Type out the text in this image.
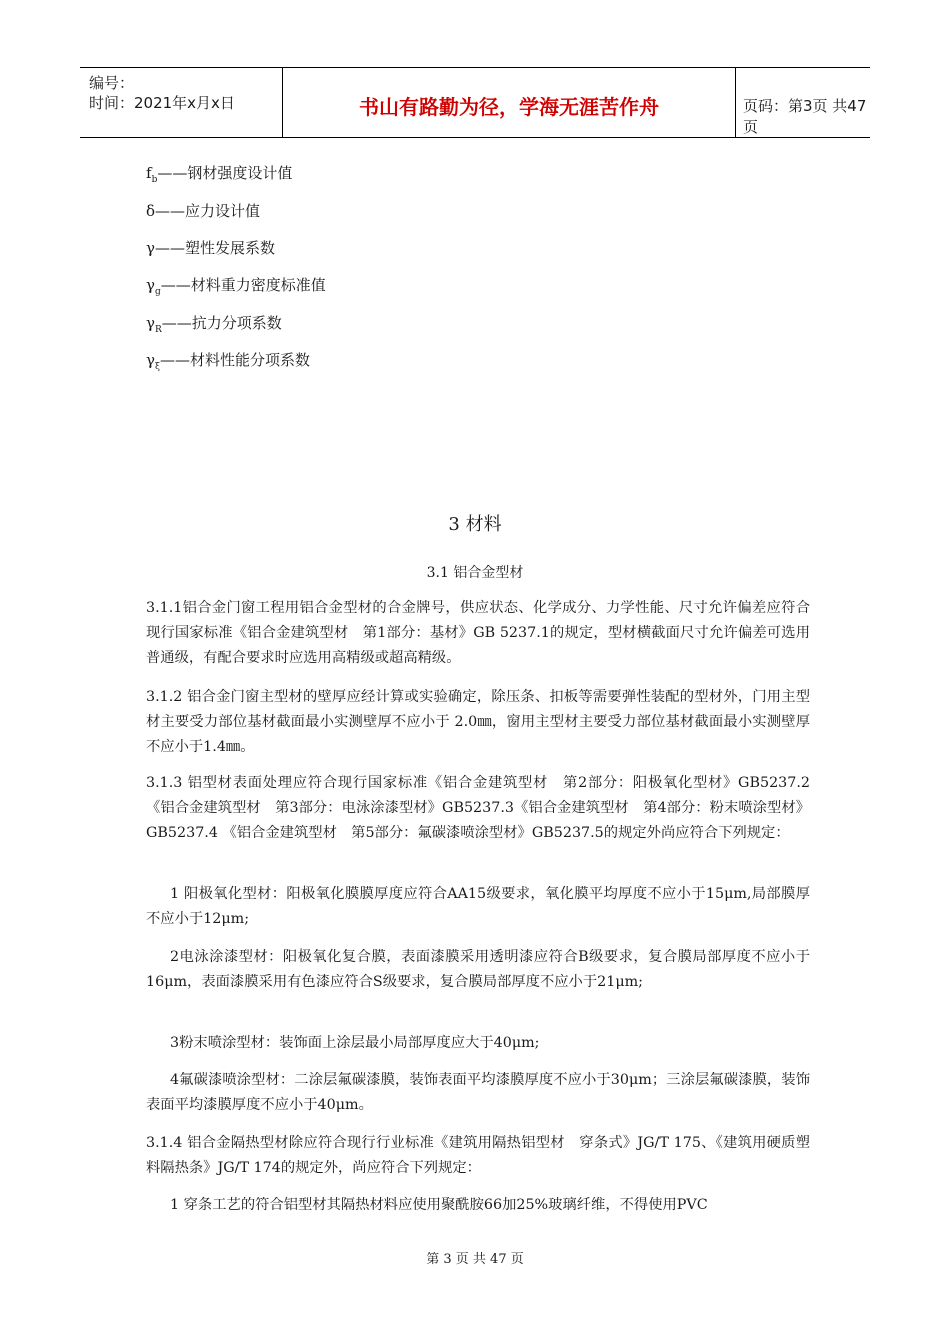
编号：
时间：2021年x月x日	书山有路勤为径，学海无涯苦作舟	页码：第3页 共47页
$f_b——$钢材强度设计值
δ——应力设计值
γ——塑性发展系数
$\gamma_g——$材料重力密度标准值
$\gamma_R——$抗力分项系数
$\gamma_\xi——$材料性能分项系数
3 材料
3.1 铝合金型材
3.1.1铝合金门窗工程用铝合金型材的合金牌号，供应状态、化学成分、力学性能、尺寸允许偏差应符合现行国家标准《铝合金建筑型材　第1部分：基材》GB 5237.1的规定，型材横截面尺寸允许偏差可选用普通级，有配合要求时应选用高精级或超高精级。
3.1.2 铝合金门窗主型材的壁厚应经计算或实验确定，除压条、扣板等需要弹性装配的型材外，门用主型材主要受力部位基材截面最小实测壁厚不应小于 2.0㎜，窗用主型材主要受力部位基材截面最小实测壁厚不应小于1.4㎜。
3.1.3 铝型材表面处理应符合现行国家标准《铝合金建筑型材　第2部分：阳极氧化型材》GB5237.2《铝合金建筑型材　第3部分：电泳涂漆型材》GB5237.3《铝合金建筑型材　第4部分：粉末喷涂型材》GB5237.4 《铝合金建筑型材　第5部分：氟碳漆喷涂型材》GB5237.5的规定外尚应符合下列规定：
1 阳极氧化型材：阳极氧化膜膜厚度应符合AA15级要求，氧化膜平均厚度不应小于15μm,局部膜厚不应小于12μm;
2电泳涂漆型材：阳极氧化复合膜，表面漆膜采用透明漆应符合B级要求，复合膜局部厚度不应小于16μm，表面漆膜采用有色漆应符合S级要求，复合膜局部厚度不应小于21μm;
3粉末喷涂型材：装饰面上涂层最小局部厚度应大于40μm;
4氟碳漆喷涂型材：二涂层氟碳漆膜，装饰表面平均漆膜厚度不应小于30μm；三涂层氟碳漆膜，装饰表面平均漆膜厚度不应小于40μm。
3.1.4 铝合金隔热型材除应符合现行行业标准《建筑用隔热铝型材　穿条式》JG/T 175、《建筑用硬质塑料隔热条》JG/T 174的规定外，尚应符合下列规定：
1 穿条工艺的符合铝型材其隔热材料应使用聚酰胺66加25%玻璃纤维，不得使用PVC
第 3 页 共 47 页
